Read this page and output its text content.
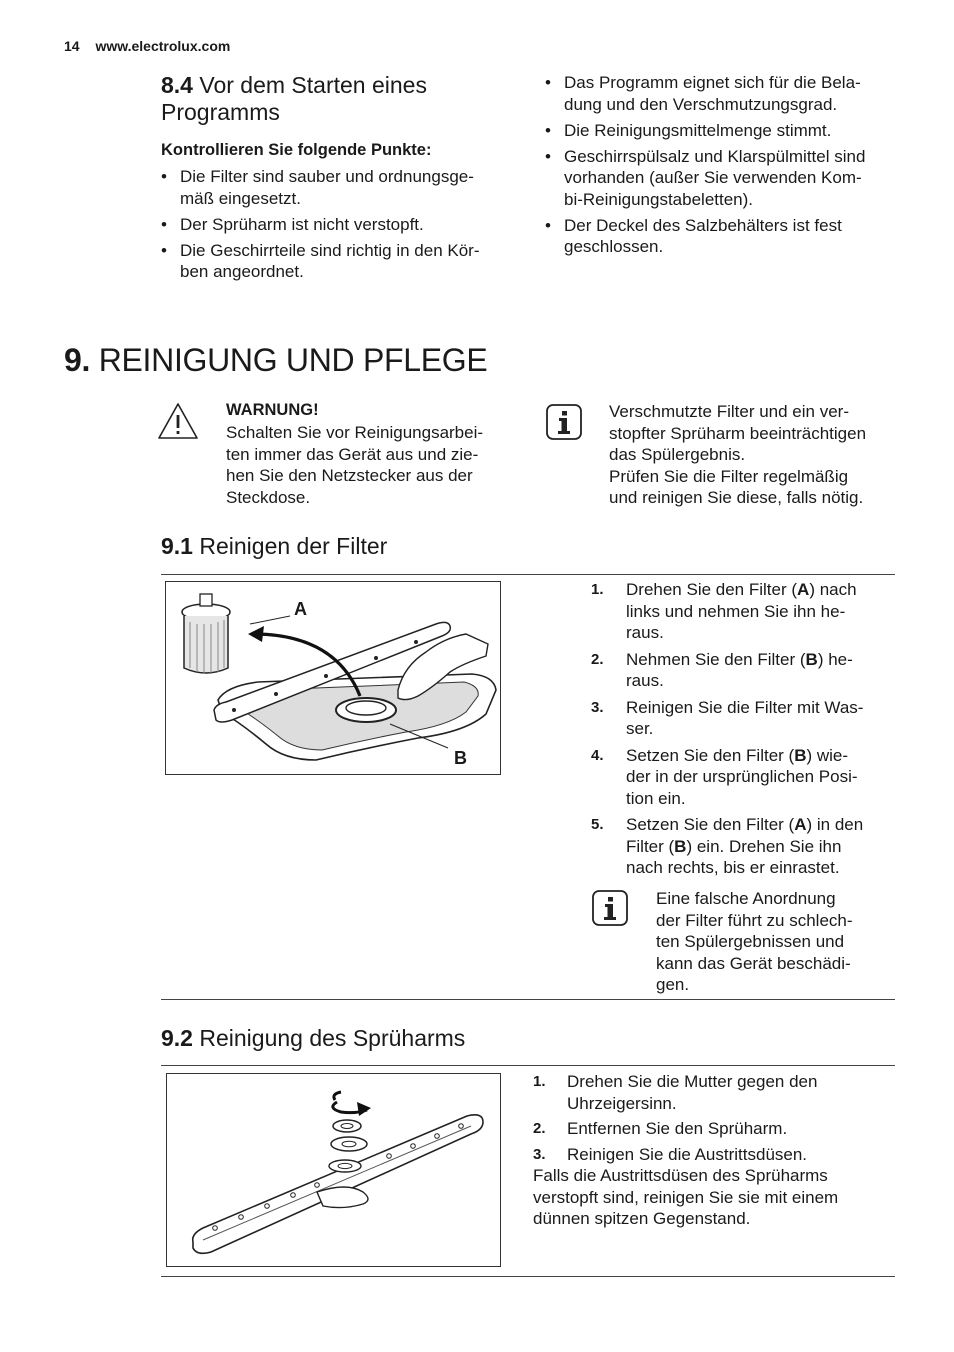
14 www.electrolux.com
8.4 Vor dem Starten eines
Programms
Kontrollieren Sie folgende Punkte:
• Die Filter sind sauber und ordnungsge-
mäß eingesetzt.
• Der Sprüharm ist nicht verstopft.
• Die Geschirrteile sind richtig in den Kör-
ben angeordnet.
• Das Programm eignet sich für die Bela-
dung und den Verschmutzungsgrad.
• Die Reinigungsmittelmenge stimmt.
• Geschirrspülsalz und Klarspülmittel sind
vorhanden (außer Sie verwenden Kom-
bi-Reinigungstabeletten).
• Der Deckel des Salzbehälters ist fest
geschlossen.
9. REINIGUNG UND PFLEGE
WARNUNG!
Schalten Sie vor Reinigungsarbei-
ten immer das Gerät aus und zie-
hen Sie den Netzstecker aus der
Steckdose.
Verschmutzte Filter und ein ver-
stopfter Sprüharm beeinträchtigen
das Spülergebnis.
Prüfen Sie die Filter regelmäßig
und reinigen Sie diese, falls nötig.
9.1 Reinigen der Filter
A
B
1. Drehen Sie den Filter (A) nach
links und nehmen Sie ihn he-
raus.
2. Nehmen Sie den Filter (B) he-
raus.
3. Reinigen Sie die Filter mit Was-
ser.
4. Setzen Sie den Filter (B) wie-
der in der ursprünglichen Posi-
tion ein.
5. Setzen Sie den Filter (A) in den
Filter (B) ein. Drehen Sie ihn
nach rechts, bis er einrastet.
Eine falsche Anordnung
der Filter führt zu schlech-
ten Spülergebnissen und
kann das Gerät beschädi-
gen.
9.2 Reinigung des Sprüharms
1. Drehen Sie die Mutter gegen den
Uhrzeigersinn.
2. Entfernen Sie den Sprüharm.
3. Reinigen Sie die Austrittsdüsen.
Falls die Austrittsdüsen des Sprüharms
verstopft sind, reinigen Sie sie mit einem
dünnen spitzen Gegenstand.
